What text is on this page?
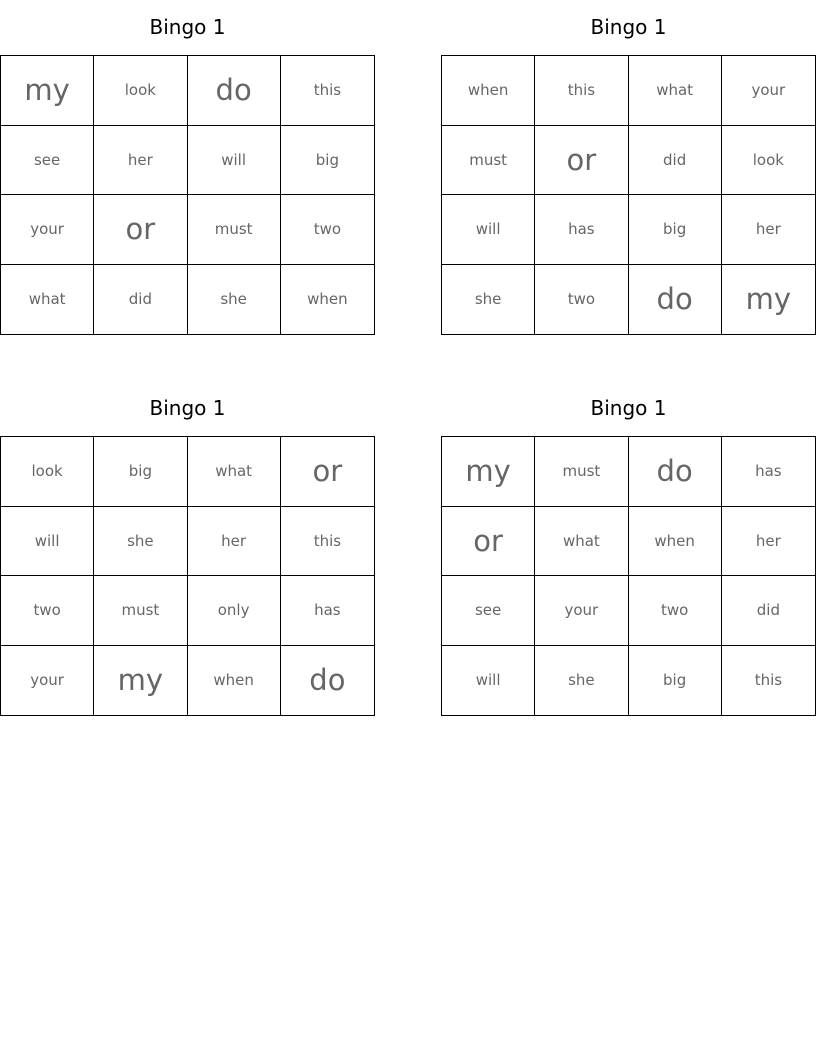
Bingo 1
my	look	do	this
see	her	will	big
your	or	must	two
what	did	she	when
Bingo 1
when	this	what	your
must	or	did	look
will	has	big	her
she	two	do	my
Bingo 1
look	big	what	or
will	she	her	this
two	must	only	has
your	my	when	do
Bingo 1
my	must	do	has
or	what	when	her
see	your	two	did
will	she	big	this
